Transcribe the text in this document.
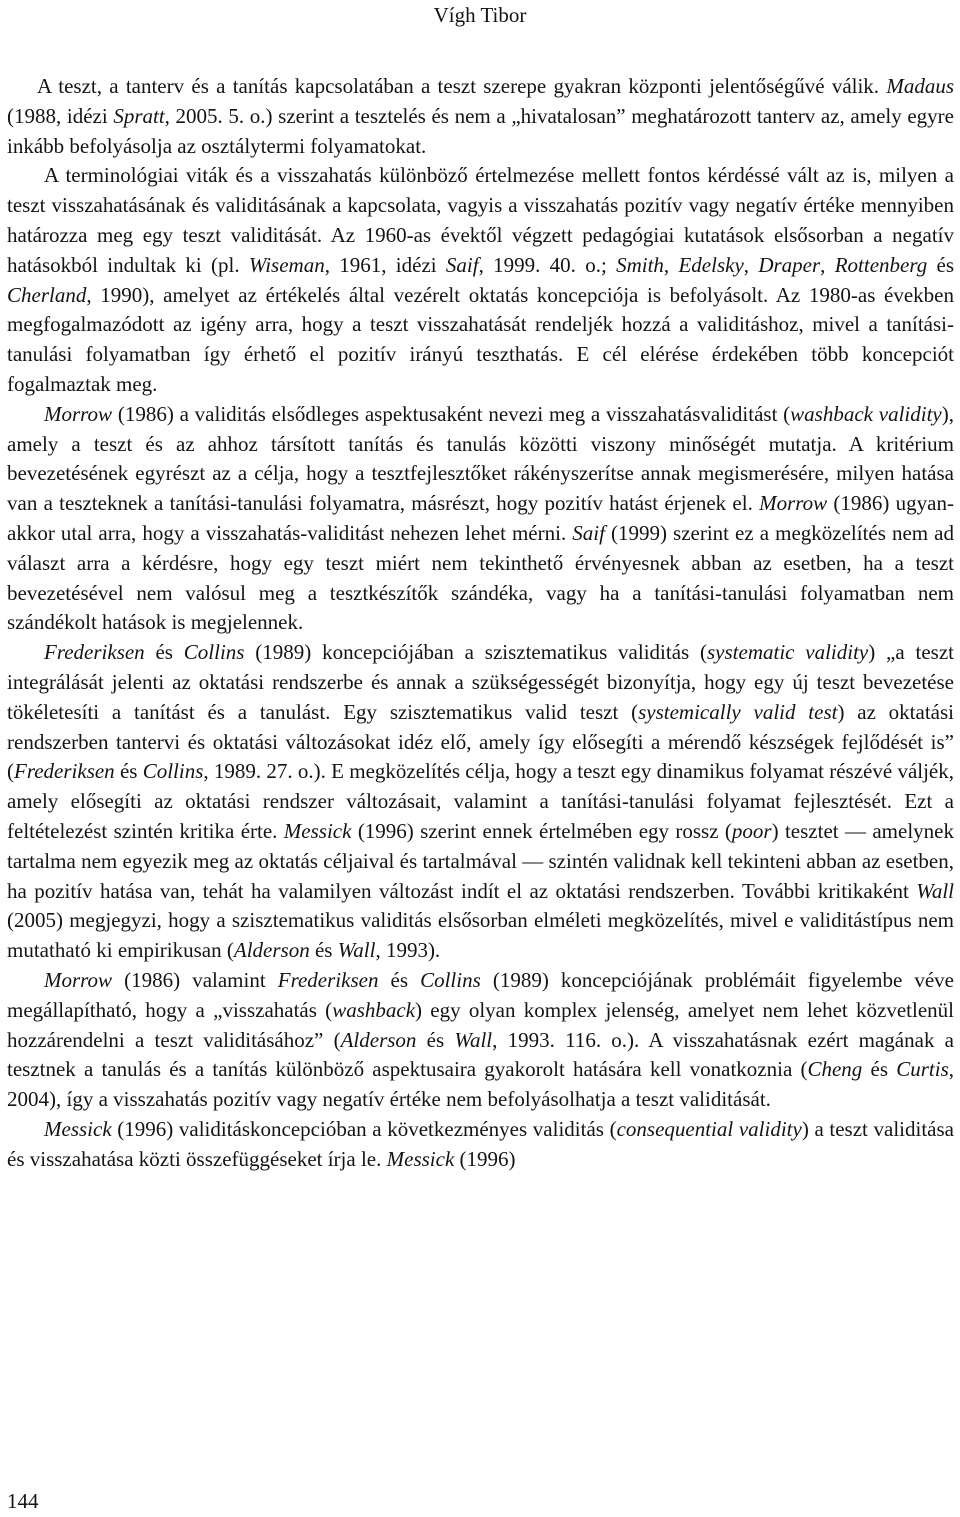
Vígh Tibor

A teszt, a tanterv és a tanítás kapcsolatában a teszt szerepe gyakran központi jelentőségűvé válik. Madaus (1988, idézi Spratt, 2005. 5. o.) szerint a tesztelés és nem a „hivatalosan” meghatározott tanterv az, amely egyre inkább befolyásolja az osztálytermi folyamatokat.

A terminológiai viták és a visszahatás különböző értelmezése mellett fontos kérdéssé vált az is, milyen a teszt visszahatásának és validitásának a kapcsolata, vagyis a visszahatás pozitív vagy negatív értéke mennyiben határozza meg egy teszt validitását. Az 1960-as évektől végzett pedagógiai kutatások elsősorban a negatív hatásokból indultak ki (pl. Wiseman, 1961, idézi Saif, 1999. 40. o.; Smith, Edelsky, Draper, Rottenberg és Cherland, 1990), amelyet az értékelés által vezérelt oktatás koncepciója is befolyásolt. Az 1980-as években megfogalmazódott az igény arra, hogy a teszt visszahatását rendeljék hozzá a validitáshoz, mivel a tanítási-tanulási folyamatban így érhető el pozitív irányú teszthatás. E cél elérése érdekében több koncepciót fogalmaztak meg.

Morrow (1986) a validitás elsődleges aspektusaként nevezi meg a visszahatásvaliditást (washback validity), amely a teszt és az ahhoz társított tanítás és tanulás közötti viszony minőségét mutatja. A kritérium bevezetésének egyrészt az a célja, hogy a tesztfejlesztőket rákényszerítse annak megismerésére, milyen hatása van a teszteknek a tanítási-tanulási folyamatra, másrészt, hogy pozitív hatást érjenek el. Morrow (1986) ugyanakkor utal arra, hogy a visszahatás-validitást nehezen lehet mérni. Saif (1999) szerint ez a megközelítés nem ad választ arra a kérdésre, hogy egy teszt miért nem tekinthető érvényesnek abban az esetben, ha a teszt bevezetésével nem valósul meg a tesztkészítők szándéka, vagy ha a tanítási-tanulási folyamatban nem szándékolt hatások is megjelennek.

Frederiksen és Collins (1989) koncepciójában a szisztematikus validitás (systematic validity) „a teszt integrálását jelenti az oktatási rendszerbe és annak a szükségességét bizonyítja, hogy egy új teszt bevezetése tökéletesíti a tanítást és a tanulást. Egy szisztematikus valid teszt (systemically valid test) az oktatási rendszerben tantervi és oktatási változásokat idéz elő, amely így elősegíti a mérendő készségek fejlődését is” (Frederiksen és Collins, 1989. 27. o.). E megközelítés célja, hogy a teszt egy dinamikus folyamat részévé váljék, amely elősegíti az oktatási rendszer változásait, valamint a tanítási-tanulási folyamat fejlesztését. Ezt a feltételezést szintén kritika érte. Messick (1996) szerint ennek értelmében egy rossz (poor) tesztet — amelynek tartalma nem egyezik meg az oktatás céljaival és tartalmával — szintén validnak kell tekinteni abban az esetben, ha pozitív hatása van, tehát ha valamilyen változást indít el az oktatási rendszerben. További kritikaként Wall (2005) megjegyzi, hogy a szisztematikus validitás elsősorban elméleti megközelítés, mivel e validitástípus nem mutatható ki empirikusan (Alderson és Wall, 1993).

Morrow (1986) valamint Frederiksen és Collins (1989) koncepciójának problémáit figyelembe véve megállapítható, hogy a „visszahatás (washback) egy olyan komplex jelenség, amelyet nem lehet közvetlenül hozzárendelni a teszt validitásához” (Alderson és Wall, 1993. 116. o.). A visszahatásnak ezért magának a tesztnek a tanulás és a tanítás különböző aspektusaira gyakorolt hatására kell vonatkoznia (Cheng és Curtis, 2004), így a visszahatás pozitív vagy negatív értéke nem befolyásolhatja a teszt validitását.

Messick (1996) validitáskoncepcióban a következményes validitás (consequential validity) a teszt validitása és visszahatása közti összefüggéseket írja le. Messick (1996)

144
